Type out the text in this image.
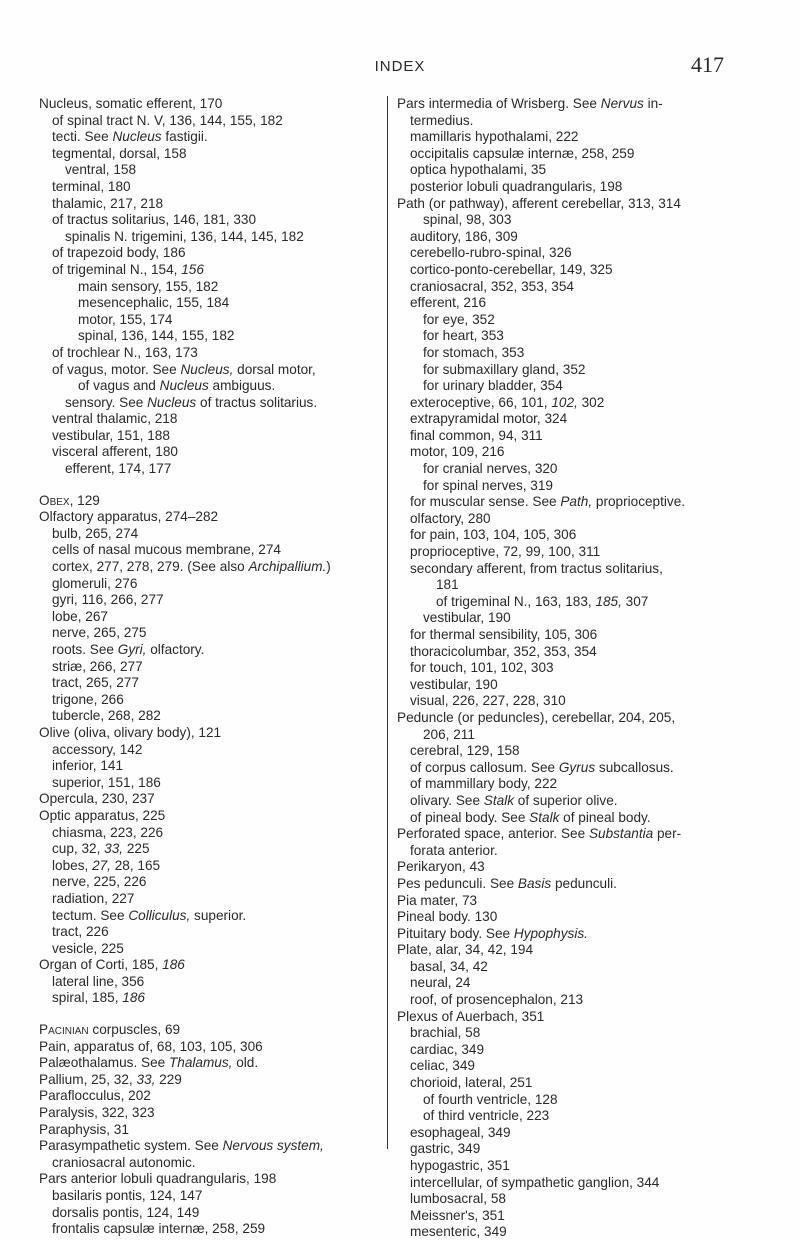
INDEX	417
Nucleus, somatic efferent, 170
of spinal tract N. V, 136, 144, 155, 182
tecti. See Nucleus fastigii.
tegmental, dorsal, 158
ventral, 158
terminal, 180
thalamic, 217, 218
of tractus solitarius, 146, 181, 330
spinalis N. trigemini, 136, 144, 145, 182
of trapezoid body, 186
of trigeminal N., 154, 156
main sensory, 155, 182
mesencephalic, 155, 184
motor, 155, 174
spinal, 136, 144, 155, 182
of trochlear N., 163, 173
of vagus, motor. See Nucleus, dorsal motor,
of vagus and Nucleus ambiguus.
sensory. See Nucleus of tractus solitarius.
ventral thalamic, 218
vestibular, 151, 188
visceral afferent, 180
efferent, 174, 177
Obex, 129
Olfactory apparatus, 274–282
bulb, 265, 274
cells of nasal mucous membrane, 274
cortex, 277, 278, 279. (See also Archipallium.)
glomeruli, 276
gyri, 116, 266, 277
lobe, 267
nerve, 265, 275
roots. See Gyri, olfactory.
striæ, 266, 277
tract, 265, 277
trigone, 266
tubercle, 268, 282
Olive (oliva, olivary body), 121
accessory, 142
inferior, 141
superior, 151, 186
Opercula, 230, 237
Optic apparatus, 225
chiasma, 223, 226
cup, 32, 33, 225
lobes, 27, 28, 165
nerve, 225, 226
radiation, 227
tectum. See Colliculus, superior.
tract, 226
vesicle, 225
Organ of Corti, 185, 186
lateral line, 356
spiral, 185, 186
Pacinian corpuscles, 69
Pain, apparatus of, 68, 103, 105, 306
Palæothalamus. See Thalamus, old.
Pallium, 25, 32, 33, 229
Paraflocculus, 202
Paralysis, 322, 323
Paraphysis, 31
Parasympathetic system. See Nervous system,
craniosacral autonomic.
Pars anterior lobuli quadrangularis, 198
basilaris pontis, 124, 147
dorsalis pontis, 124, 149
frontalis capsulæ internæ, 258, 259
Pars intermedia of Wrisberg. See Nervus in-
termedius.
mamillaris hypothalami, 222
occipitalis capsulæ internæ, 258, 259
optica hypothalami, 35
posterior lobuli quadrangularis, 198
Path (or pathway), afferent cerebellar, 313, 314
spinal, 98, 303
auditory, 186, 309
cerebello-rubro-spinal, 326
cortico-ponto-cerebellar, 149, 325
craniosacral, 352, 353, 354
efferent, 216
for eye, 352
for heart, 353
for stomach, 353
for submaxillary gland, 352
for urinary bladder, 354
exteroceptive, 66, 101, 102, 302
extrapyramidal motor, 324
final common, 94, 311
motor, 109, 216
for cranial nerves, 320
for spinal nerves, 319
for muscular sense. See Path, proprioceptive.
olfactory, 280
for pain, 103, 104, 105, 306
proprioceptive, 72, 99, 100, 311
secondary afferent, from tractus solitarius,
181
of trigeminal N., 163, 183, 185, 307
vestibular, 190
for thermal sensibility, 105, 306
thoracicolumbar, 352, 353, 354
for touch, 101, 102, 303
vestibular, 190
visual, 226, 227, 228, 310
Peduncle (or peduncles), cerebellar, 204, 205,
206, 211
cerebral, 129, 158
of corpus callosum. See Gyrus subcallosus.
of mammillary body, 222
olivary. See Stalk of superior olive.
of pineal body. See Stalk of pineal body.
Perforated space, anterior. See Substantia per-
forata anterior.
Perikaryon, 43
Pes pedunculi. See Basis pedunculi.
Pia mater, 73
Pineal body. 130
Pituitary body. See Hypophysis.
Plate, alar, 34, 42, 194
basal, 34, 42
neural, 24
roof, of prosencephalon, 213
Plexus of Auerbach, 351
brachial, 58
cardiac, 349
celiac, 349
chorioid, lateral, 251
of fourth ventricle, 128
of third ventricle, 223
esophageal, 349
gastric, 349
hypogastric, 351
intercellular, of sympathetic ganglion, 344
lumbosacral, 58
Meissner's, 351
mesenteric, 349
